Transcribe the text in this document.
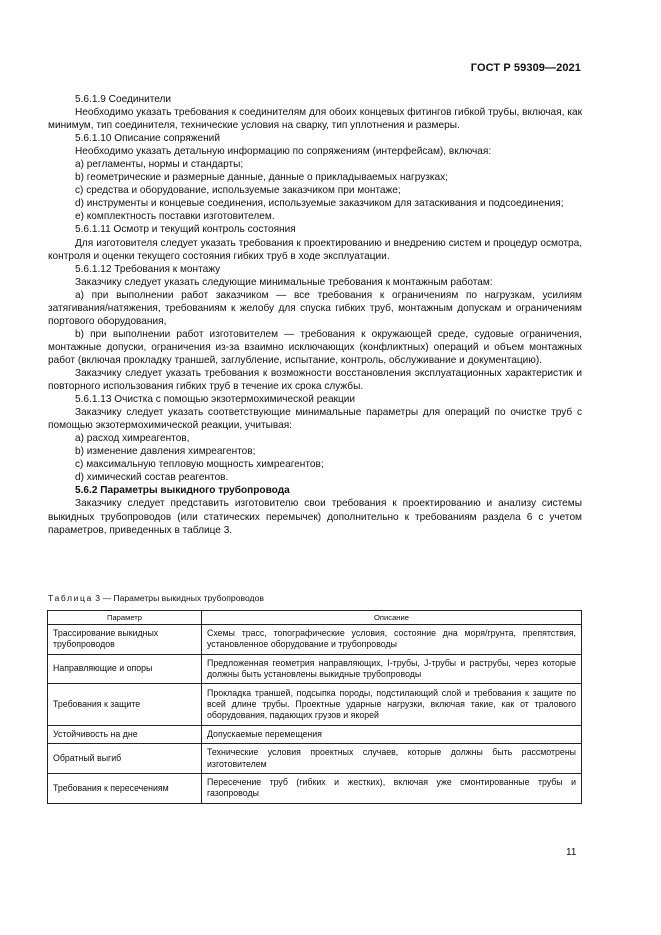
ГОСТ Р 59309—2021

5.6.1.9 Соединители

Необходимо указать требования к соединителям для обоих концевых фитингов гибкой трубы, включая, как минимум, тип соединителя, технические условия на сварку, тип уплотнения и размеры.

5.6.1.10 Описание сопряжений

Необходимо указать детальную информацию по сопряжениям (интерфейсам), включая:

а) регламенты, нормы и стандарты;

b) геометрические и размерные данные, данные о прикладываемых нагрузках;

с) средства и оборудование, используемые заказчиком при монтаже;

d) инструменты и концевые соединения, используемые заказчиком для затаскивания и подсоединения;

е) комплектность поставки изготовителем.

5.6.1.11 Осмотр и текущий контроль состояния

Для изготовителя следует указать требования к проектированию и внедрению систем и процедур осмотра, контроля и оценки текущего состояния гибких труб в ходе эксплуатации.

5.6.1.12 Требования к монтажу

Заказчику следует указать следующие минимальные требования к монтажным работам:

а) при выполнении работ заказчиком — все требования к ограничениям по нагрузкам, усилиям затягивания/натяжения, требованиям к желобу для спуска гибких труб, монтажным допускам и ограничениям портового оборудования,

b) при выполнении работ изготовителем — требования к окружающей среде, судовые ограничения, монтажные допуски, ограничения из-за взаимно исключающих (конфликтных) операций и объем монтажных работ (включая прокладку траншей, заглубление, испытание, контроль, обслуживание и документацию).

Заказчику следует указать требования к возможности восстановления эксплуатационных характеристик и повторного использования гибких труб в течение их срока службы.

5.6.1.13 Очистка с помощью экзотермохимической реакции

Заказчику следует указать соответствующие минимальные параметры для операций по очистке труб с помощью экзотермохимической реакции, учитывая:

а) расход химреагентов,

b) изменение давления химреагентов;

с) максимальную тепловую мощность химреагентов;

d) химический состав реагентов.

5.6.2 Параметры выкидного трубопровода

Заказчику следует представить изготовителю свои требования к проектированию и анализу системы выкидных трубопроводов (или статических перемычек) дополнительно к требованиям раздела 6 с учетом параметров, приведенных в таблице 3.

Таблица 3 — Параметры выкидных трубопроводов
Параметр	Описание
Трассирование выкидных трубопроводов	Схемы трасс, топографические условия, состояние дна моря/грунта, препятствия, установленное оборудование и трубопроводы
Направляющие и опоры	Предложенная геометрия направляющих, I-трубы, J-трубы и раструбы, через которые должны быть установлены выкидные трубопроводы
Требования к защите	Прокладка траншей, подсыпка породы, подстилающий слой и требования к защите по всей длине трубы. Проектные ударные нагрузки, включая такие, как от тралового оборудования, падающих грузов и якорей
Устойчивость на дне	Допускаемые перемещения
Обратный выгиб	Технические условия проектных случаев, которые должны быть рассмотрены изготовителем
Требования к пересечениям	Пересечение труб (гибких и жестких), включая уже смонтированные трубы и газопроводы
11
